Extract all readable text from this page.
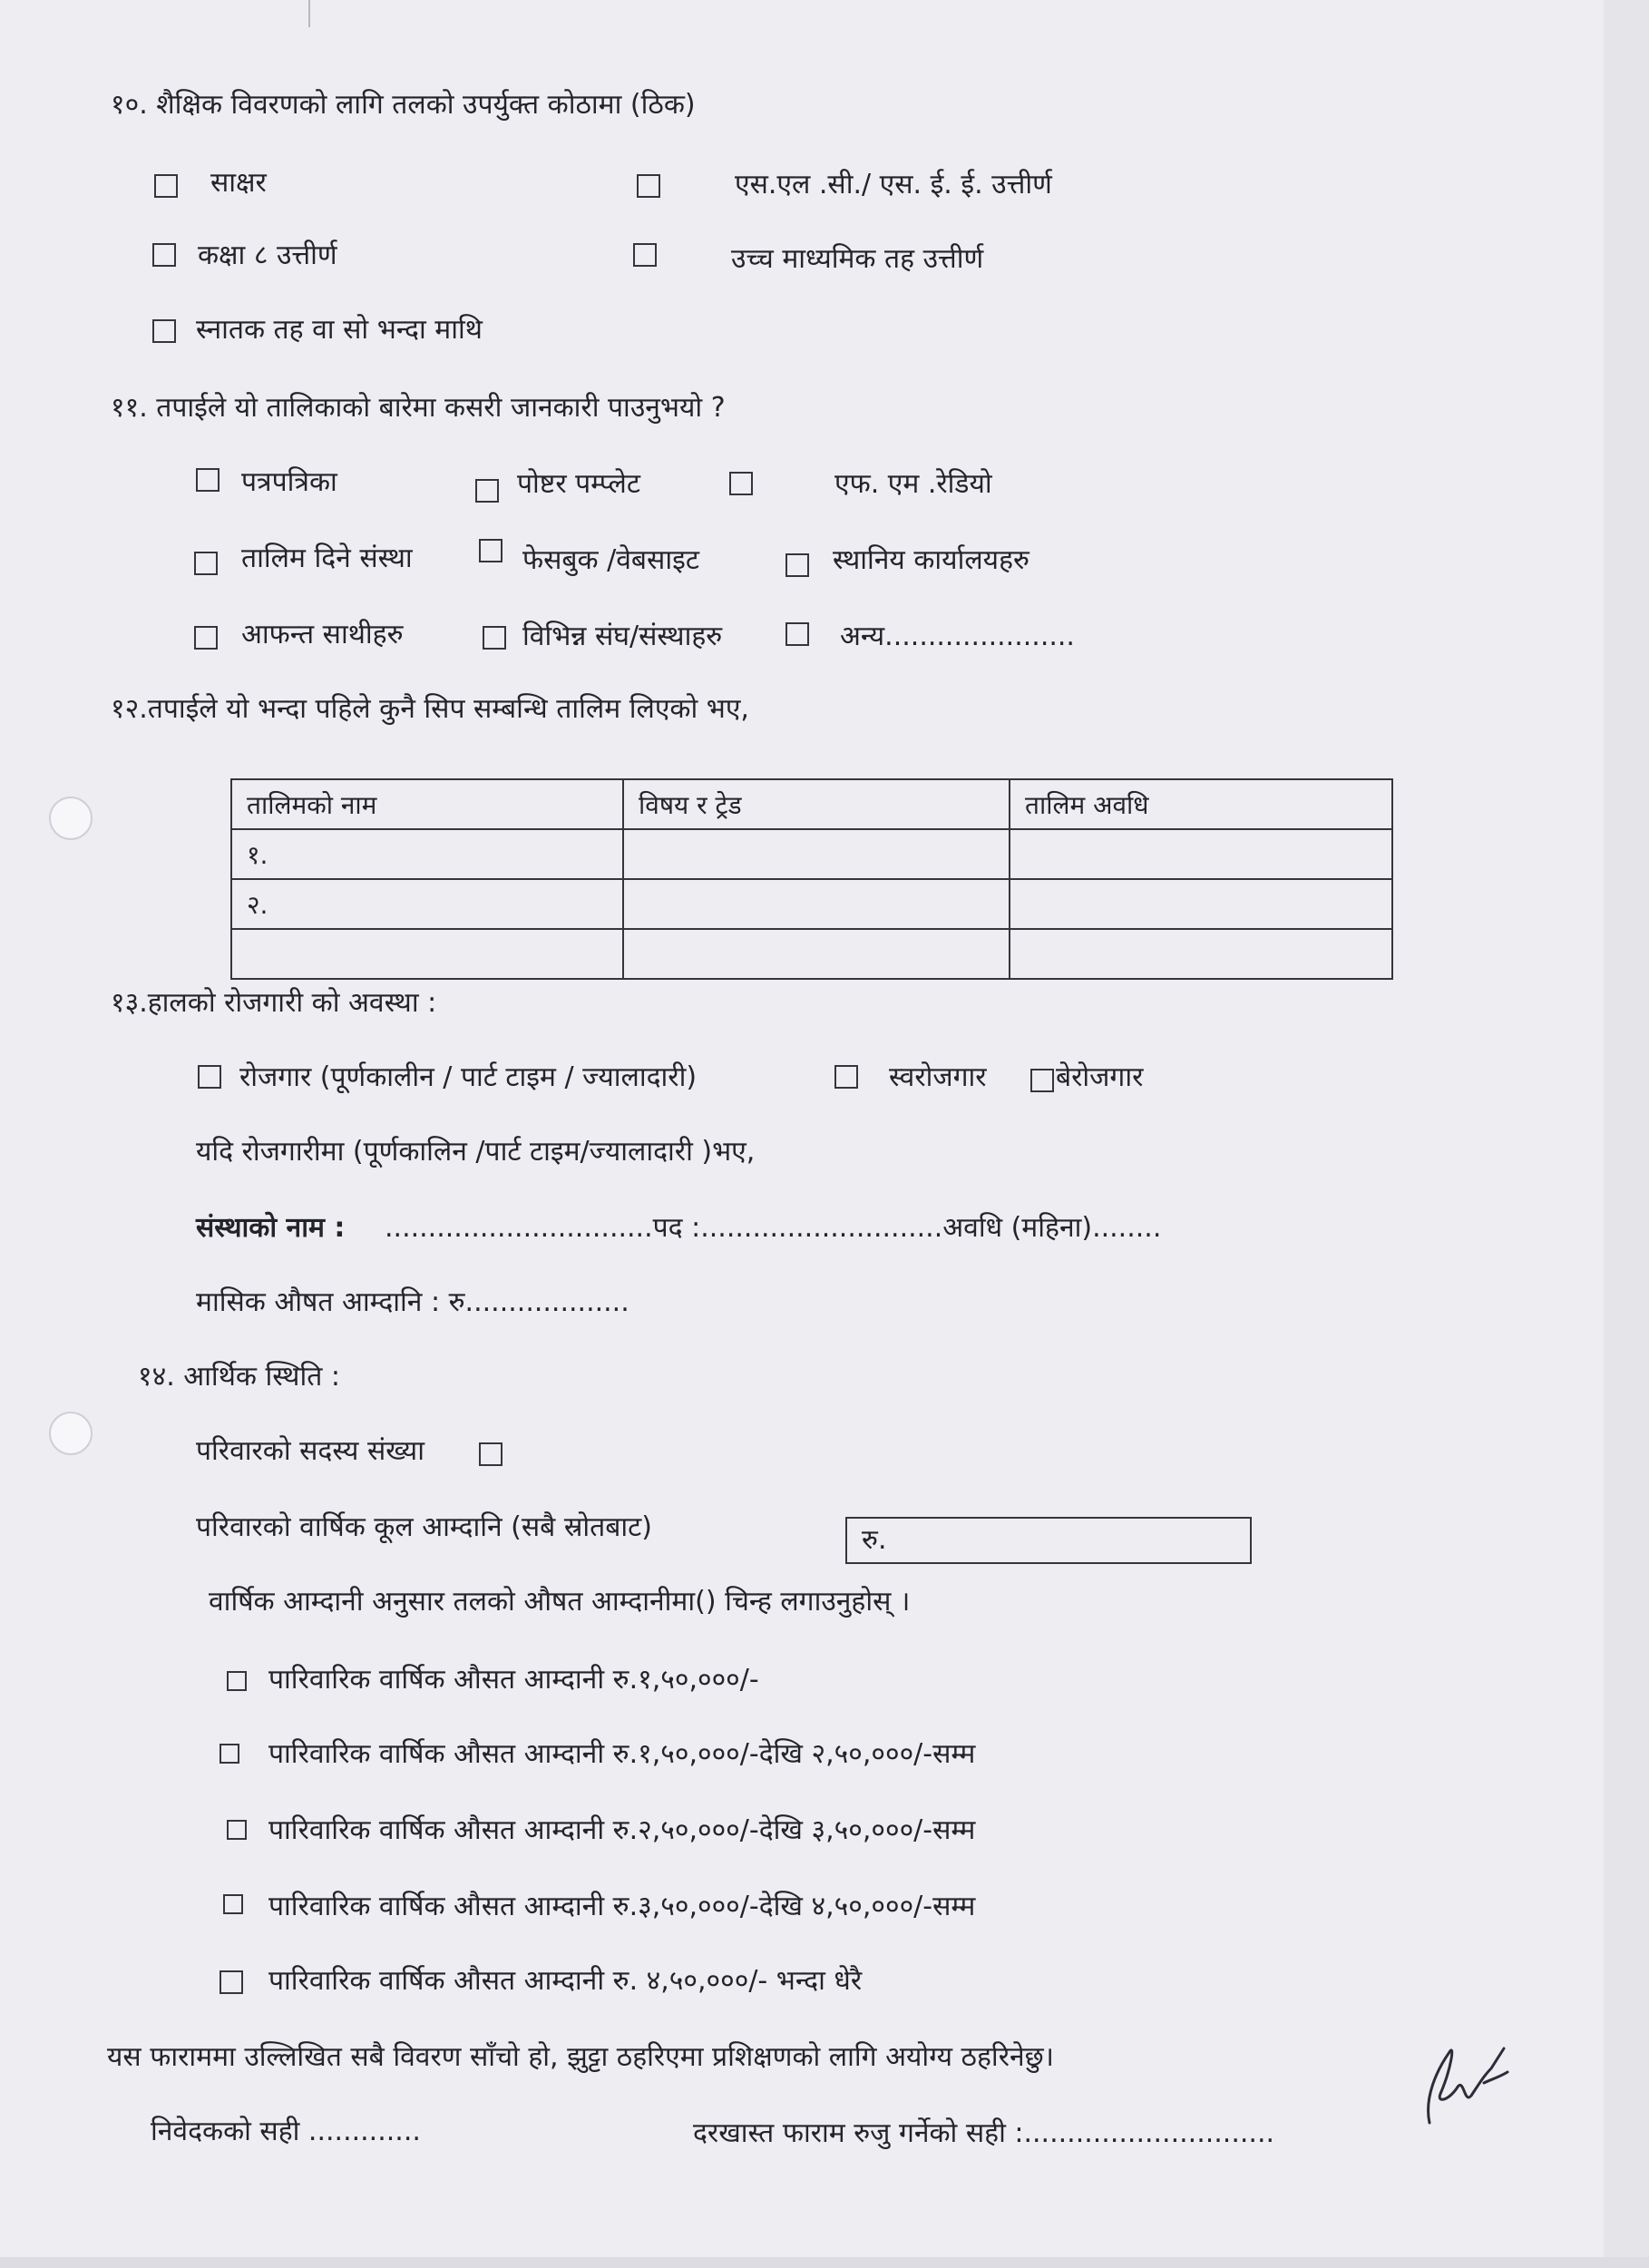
१०. शैक्षिक विवरणको लागि तलको उपर्युक्त कोठामा (ठिक)
साक्षर	एस.एल .सी./ एस. ई. ई. उत्तीर्ण
कक्षा ८ उत्तीर्ण	उच्च माध्यमिक तह उत्तीर्ण
स्नातक तह वा सो भन्दा माथि
११. तपाईले यो तालिकाको बारेमा कसरी जानकारी पाउनुभयो ?
पत्रपत्रिका	पोष्टर पम्प्लेट	एफ. एम .रेडियो
तालिम दिने संस्था	फेसबुक /वेबसाइट	स्थानिय कार्यालयहरु
आफन्त साथीहरु	विभिन्न संघ/संस्थाहरु	अन्य......................
१२.तपाईले यो भन्दा पहिले कुनै सिप सम्बन्धि तालिम लिएको भए,
तालिमको नाम	विषय र ट्रेड	तालिम अवधि
१.		
२.		

१३.हालको रोजगारी को अवस्था :
रोजगार (पूर्णकालीन / पार्ट टाइम / ज्यालादारी)	स्वरोजगार	बेरोजगार
यदि रोजगारीमा (पूर्णकालिन /पार्ट टाइम/ज्यालादारी )भए,
संस्थाको नाम : ...............................पद :............................अवधि (महिना)........
मासिक औषत आम्दानि : रु...................
१४. आर्थिक स्थिति :
परिवारको सदस्य संख्या
परिवारको वार्षिक कूल आम्दानि (सबै स्रोतबाट)	रु.
वार्षिक आम्दानी अनुसार तलको औषत आम्दानीमा() चिन्ह लगाउनुहोस् ।
पारिवारिक वार्षिक औसत आम्दानी रु.१,५०,०००/-
पारिवारिक वार्षिक औसत आम्दानी रु.१,५०,०००/-देखि २,५०,०००/-सम्म
पारिवारिक वार्षिक औसत आम्दानी रु.२,५०,०००/-देखि ३,५०,०००/-सम्म
पारिवारिक वार्षिक औसत आम्दानी रु.३,५०,०००/-देखि ४,५०,०००/-सम्म
पारिवारिक वार्षिक औसत आम्दानी रु. ४,५०,०००/- भन्दा धेरै
यस फाराममा उल्लिखित सबै विवरण साँचो हो, झुट्टा ठहरिएमा प्रशिक्षणको लागि अयोग्य ठहरिनेछु।
निवेदकको सही .............	दरखास्त फाराम रुजु गर्नेको सही :.............................
